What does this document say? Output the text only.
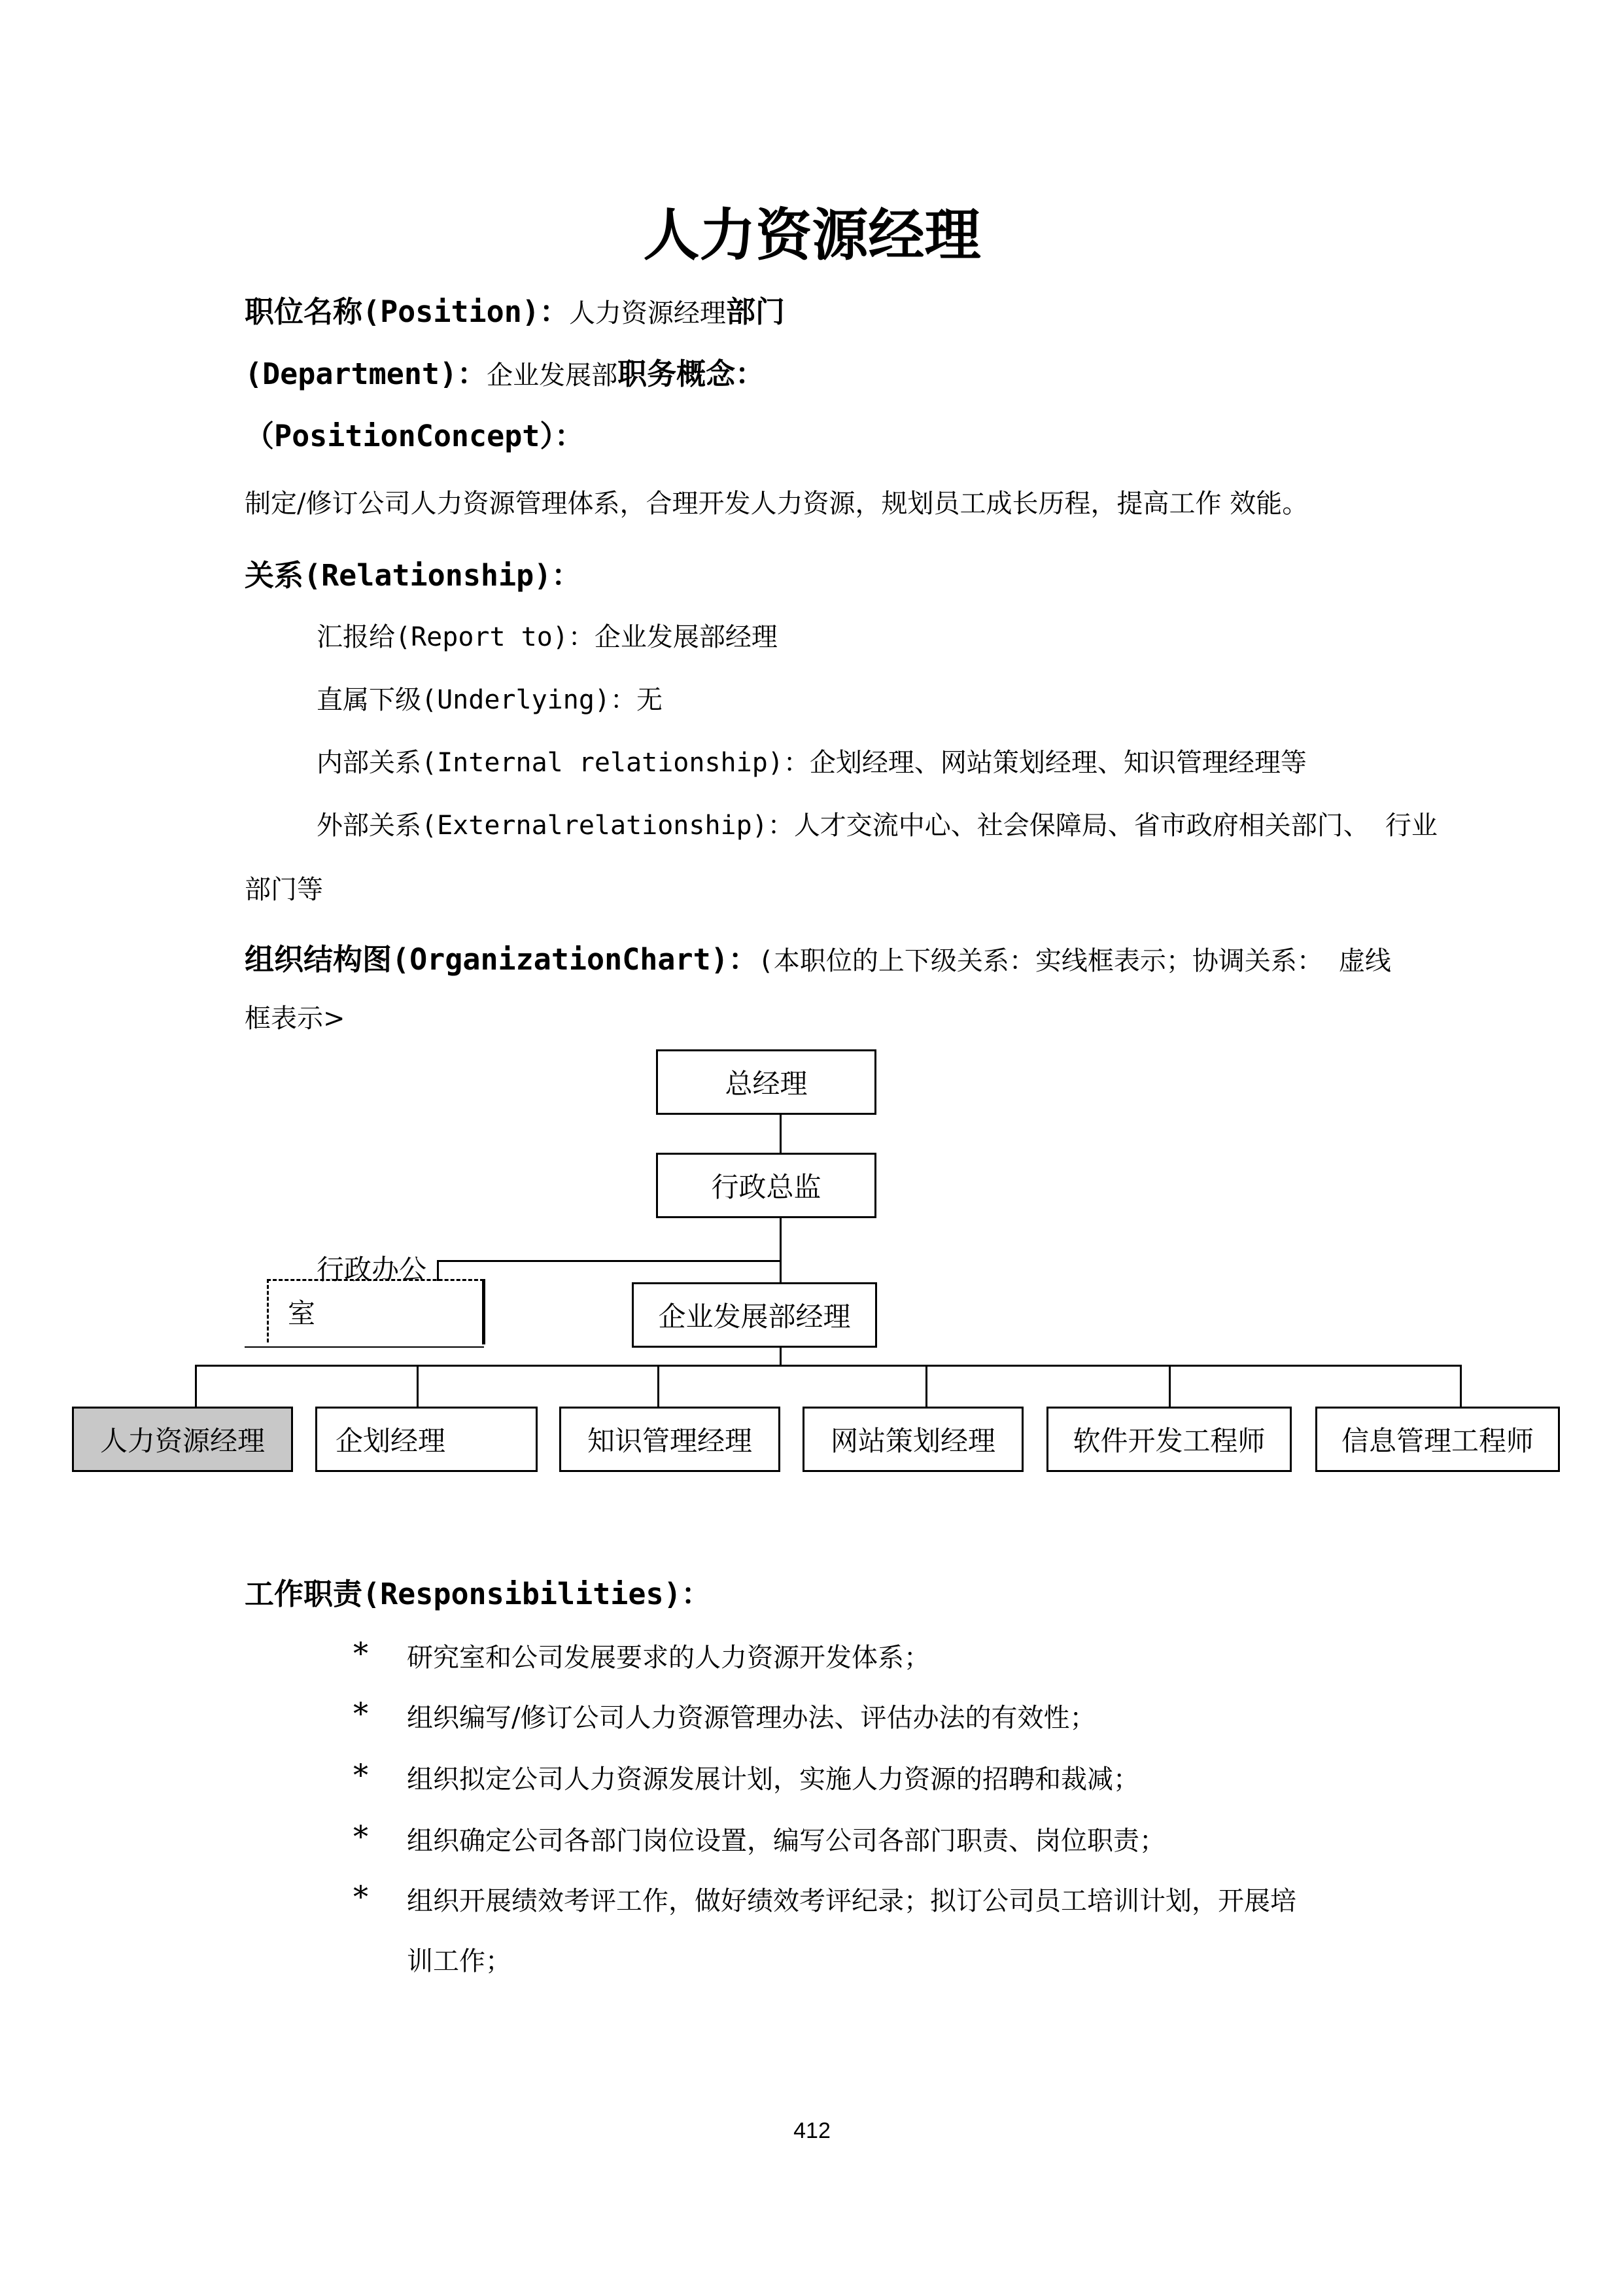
人力资源经理
职位名称(Position)：人力资源经理部门
(Department)：企业发展部职务概念：
（PositionConcept）：
制定/修订公司人力资源管理体系，合理开发人力资源，规划员工成长历程，提高工作 效能。
关系(Relationship)：
汇报给(Report to)：企业发展部经理
直属下级(Underlying)：无
内部关系(Internal relationship)：企划经理、网站策划经理、知识管理经理等
外部关系(Externalrelationship)：人才交流中心、社会保障局、省市政府相关部门、 行业
部门等
组织结构图(OrganizationChart)：(本职位的上下级关系：实线框表示；协调关系： 虚线
框表示>
总经理
行政总监
企业发展部经理
行政办公
室
人力资源经理	企划经理	知识管理经理	网站策划经理	软件开发工程师	信息管理工程师
工作职责(Responsibilities)：
* 研究室和公司发展要求的人力资源开发体系；
* 组织编写/修订公司人力资源管理办法、评估办法的有效性；
* 组织拟定公司人力资源发展计划，实施人力资源的招聘和裁减；
* 组织确定公司各部门岗位设置，编写公司各部门职责、岗位职责；
* 组织开展绩效考评工作，做好绩效考评纪录；拟订公司员工培训计划，开展培
训工作；
412
